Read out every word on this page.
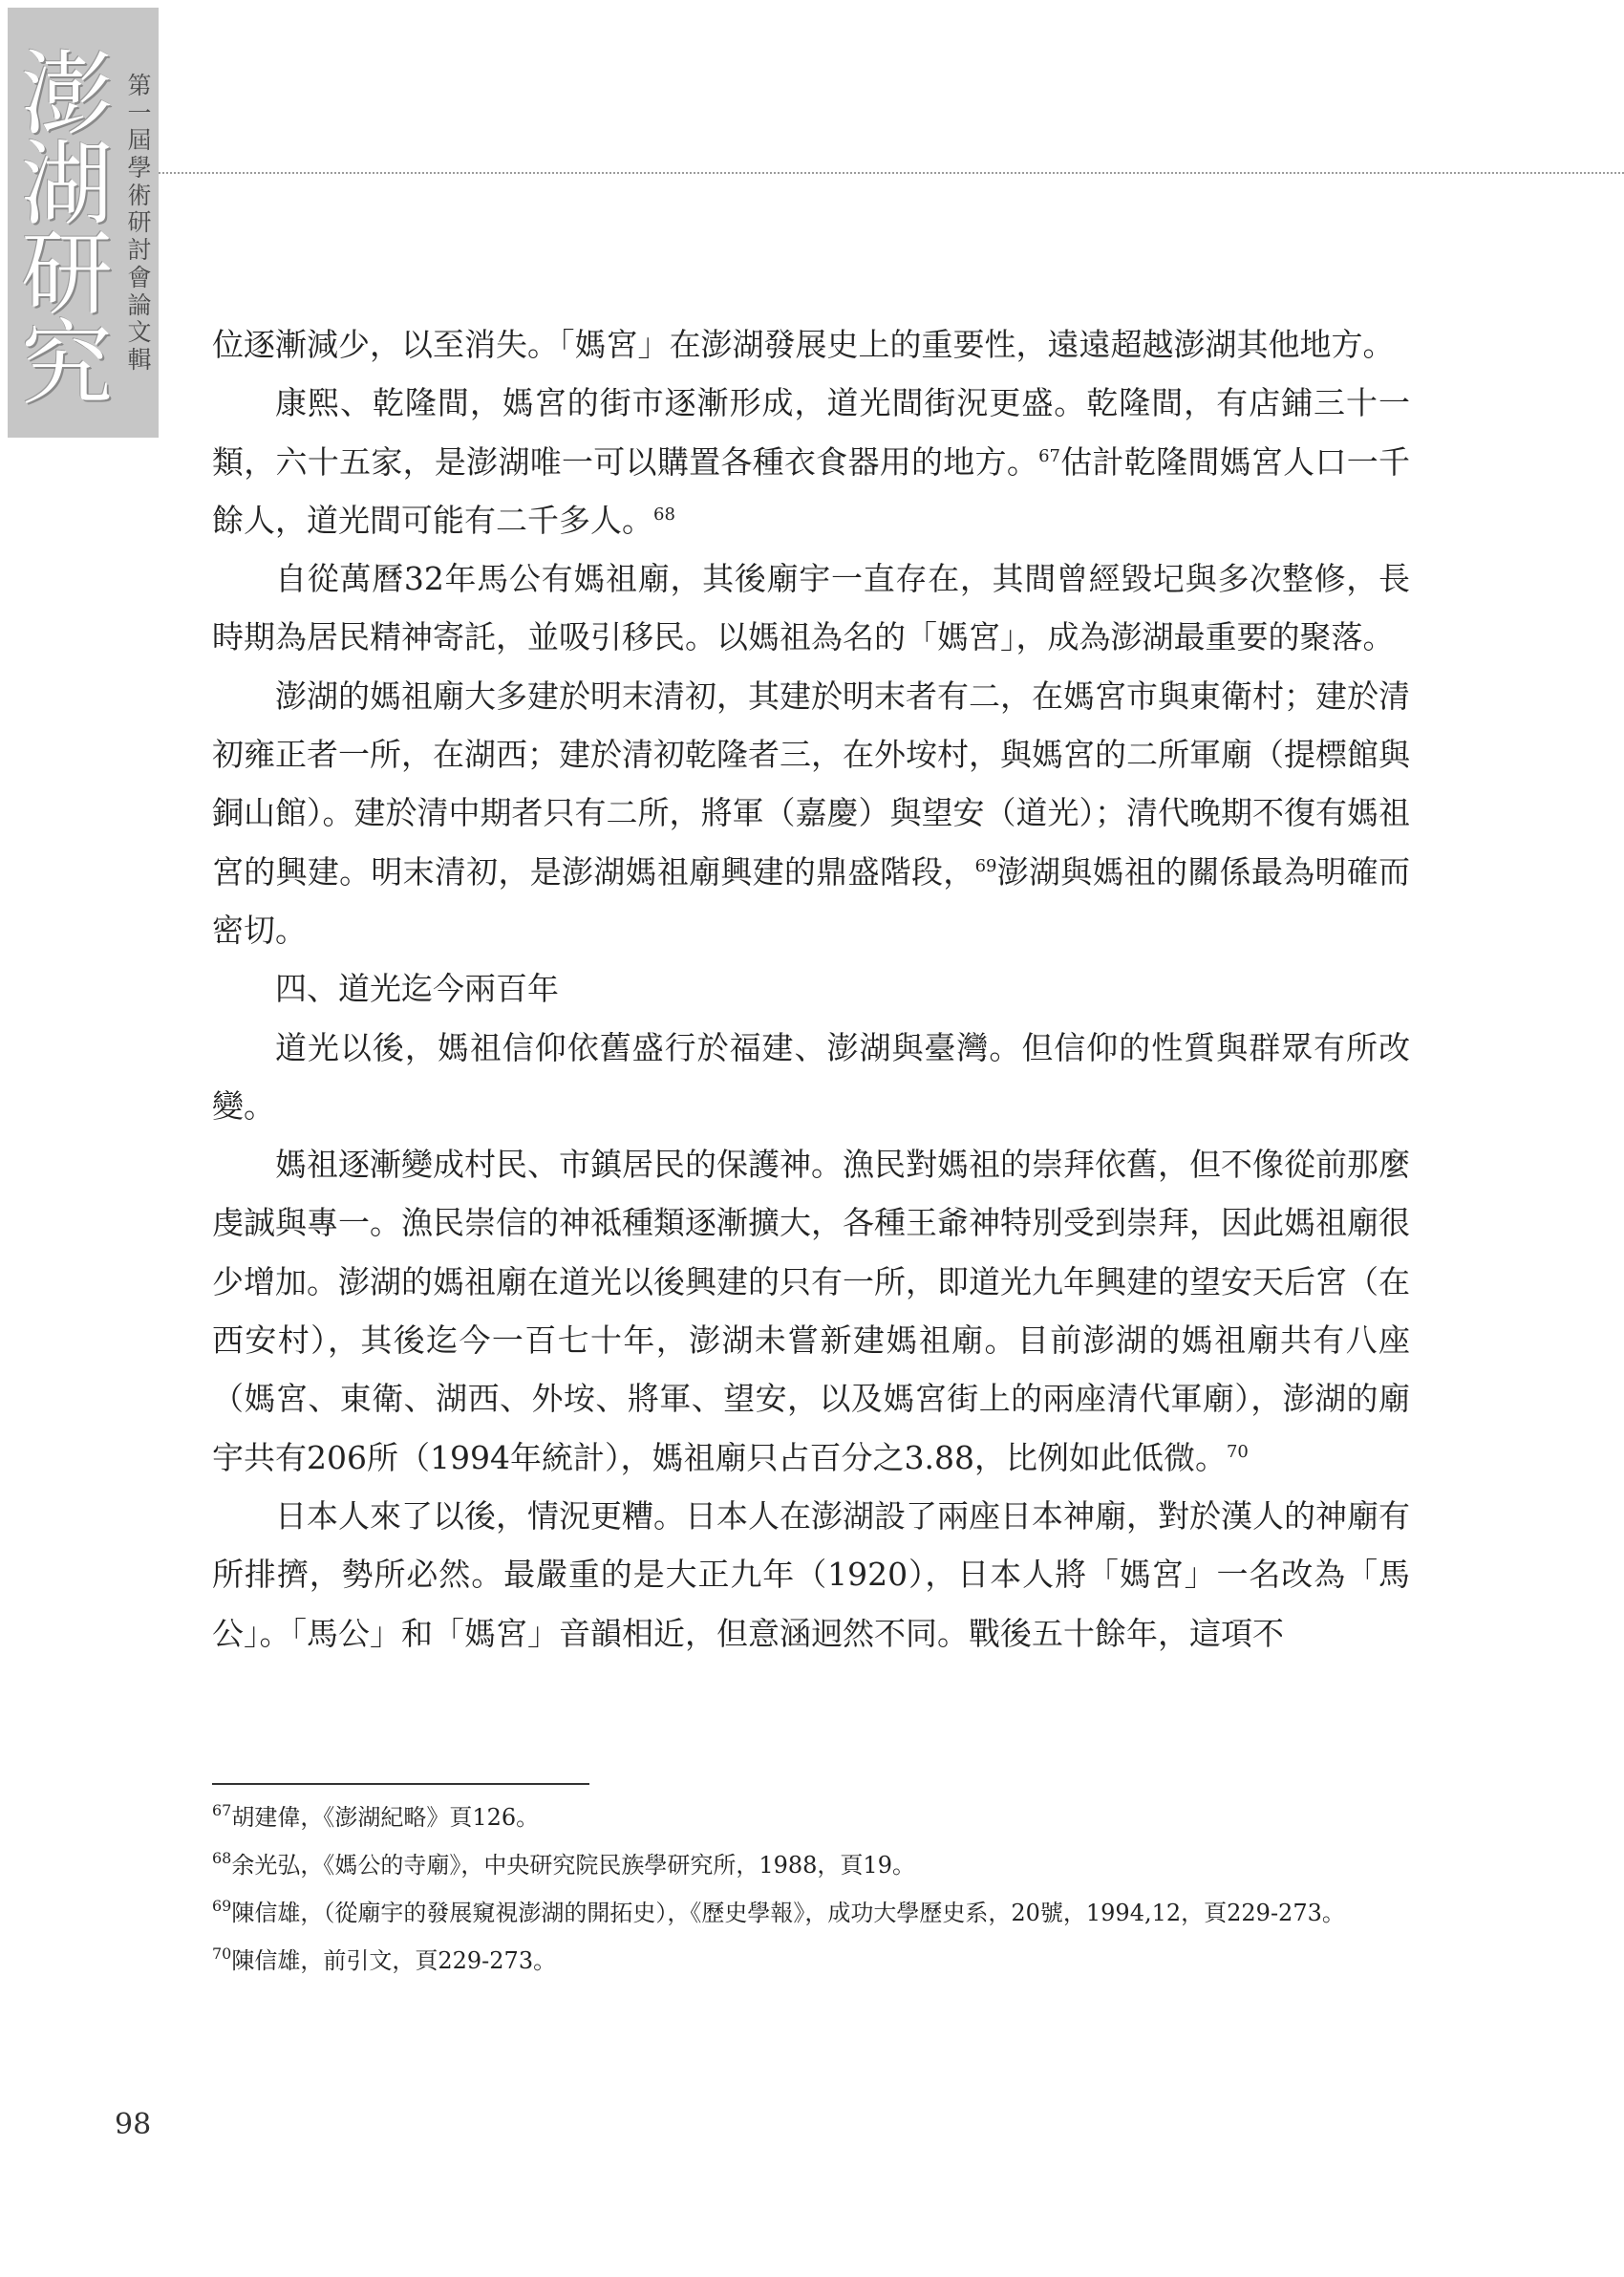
澎
湖
研
究
第
一
屆
學
術
研
討
會
論
文
輯 位逐漸減少，以至消失。「媽宮」在澎湖發展史上的重要性，遠遠超越澎湖其他地方。

康熙、乾隆間，媽宮的街市逐漸形成，道光間街況更盛。乾隆間，有店鋪三十一類，六十五家，是澎湖唯一可以購置各種衣食器用的地方。$^{67}$估計乾隆間媽宮人口一千餘人，道光間可能有二千多人。$^{68}$

自從萬曆32年馬公有媽祖廟，其後廟宇一直存在，其間曾經毀圮與多次整修，長時期為居民精神寄託，並吸引移民。以媽祖為名的「媽宮」，成為澎湖最重要的聚落。

澎湖的媽祖廟大多建於明末清初，其建於明末者有二，在媽宮市與東衛村；建於清初雍正者一所，在湖西；建於清初乾隆者三，在外垵村，與媽宮的二所軍廟（提標館與銅山館）。建於清中期者只有二所，將軍（嘉慶）與望安（道光）；清代晚期不復有媽祖宮的興建。明末清初，是澎湖媽祖廟興建的鼎盛階段，$^{69}$澎湖與媽祖的關係最為明確而密切。

四、道光迄今兩百年

道光以後，媽祖信仰依舊盛行於福建、澎湖與臺灣。但信仰的性質與群眾有所改變。

媽祖逐漸變成村民、市鎮居民的保護神。漁民對媽祖的崇拜依舊，但不像從前那麼虔誠與專一。漁民崇信的神祗種類逐漸擴大，各種王爺神特別受到崇拜，因此媽祖廟很少增加。澎湖的媽祖廟在道光以後興建的只有一所，即道光九年興建的望安天后宮（在西安村），其後迄今一百七十年，澎湖未嘗新建媽祖廟。目前澎湖的媽祖廟共有八座（媽宮、東衛、湖西、外垵、將軍、望安，以及媽宮街上的兩座清代軍廟），澎湖的廟宇共有206所（1994年統計），媽祖廟只占百分之3.88，比例如此低微。$^{70}$

日本人來了以後，情況更糟。日本人在澎湖設了兩座日本神廟，對於漢人的神廟有所排擠，勢所必然。最嚴重的是大正九年（1920），日本人將「媽宮」一名改為「馬公」。「馬公」和「媽宮」音韻相近，但意涵迥然不同。戰後五十餘年，這項不

$^{67}$胡建偉，《澎湖紀略》頁126。

$^{68}$余光弘，《媽公的寺廟》，中央研究院民族學研究所，1988，頁19。

$^{69}$陳信雄，（從廟宇的發展窺視澎湖的開拓史），《歷史學報》，成功大學歷史系，20號，1994,12，頁229-273。

$^{70}$陳信雄，前引文，頁229-273。

98
